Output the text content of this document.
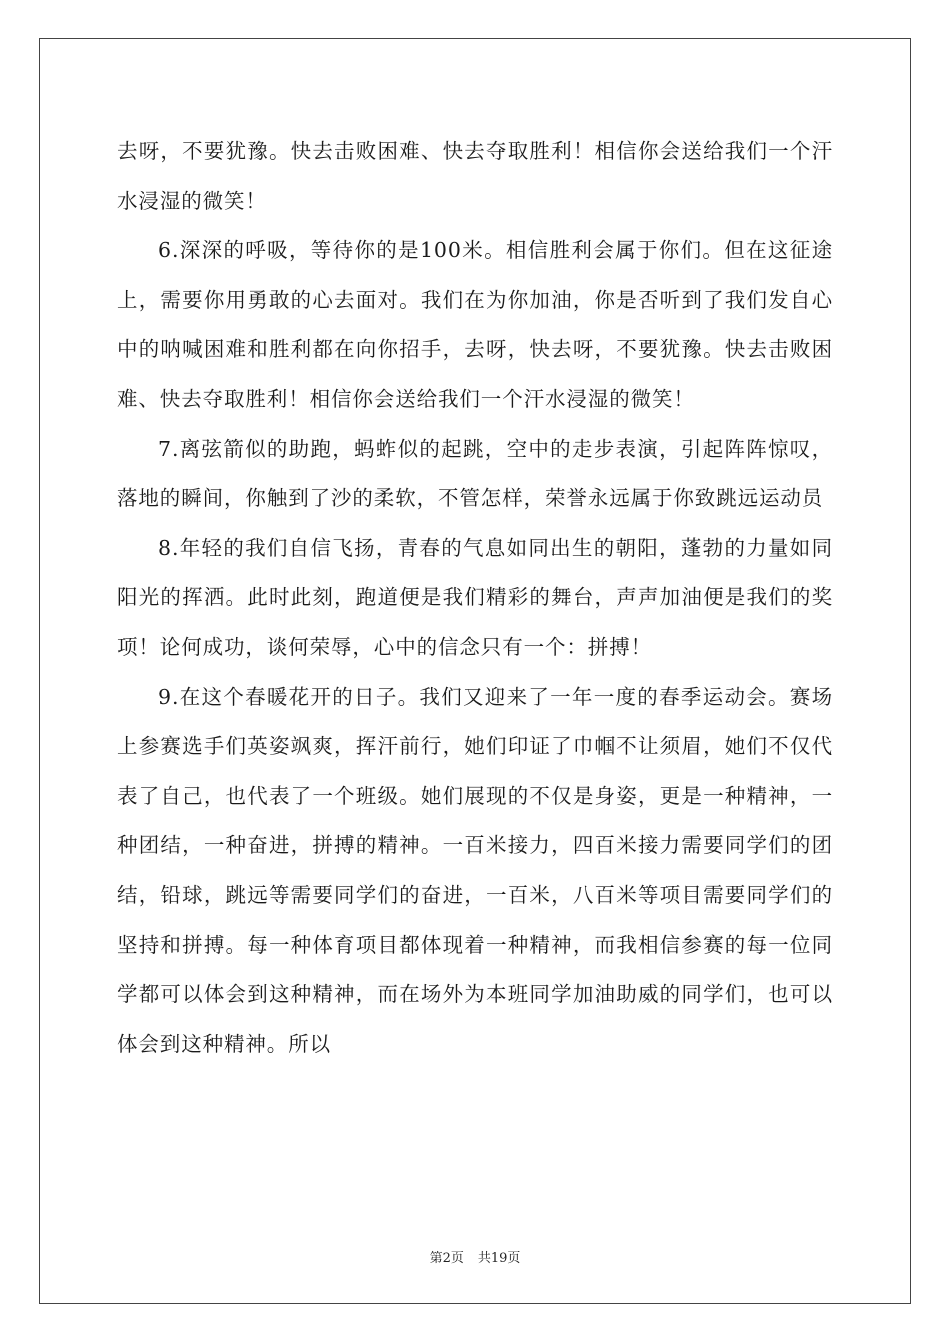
去呀，不要犹豫。快去击败困难、快去夺取胜利！相信你会送给我们一个汗水浸湿的微笑！

6.深深的呼吸，等待你的是100米。相信胜利会属于你们。但在这征途上，需要你用勇敢的心去面对。我们在为你加油，你是否听到了我们发自心中的呐喊困难和胜利都在向你招手，去呀，快去呀，不要犹豫。快去击败困难、快去夺取胜利！相信你会送给我们一个汗水浸湿的微笑！

7.离弦箭似的助跑，蚂蚱似的起跳，空中的走步表演，引起阵阵惊叹，落地的瞬间，你触到了沙的柔软，不管怎样，荣誉永远属于你致跳远运动员

8.年轻的我们自信飞扬，青春的气息如同出生的朝阳，蓬勃的力量如同阳光的挥洒。此时此刻，跑道便是我们精彩的舞台，声声加油便是我们的奖项！论何成功，谈何荣辱，心中的信念只有一个：拼搏！

9.在这个春暖花开的日子。我们又迎来了一年一度的春季运动会。赛场上参赛选手们英姿飒爽，挥汗前行，她们印证了巾帼不让须眉，她们不仅代表了自己，也代表了一个班级。她们展现的不仅是身姿，更是一种精神，一种团结，一种奋进，拼搏的精神。一百米接力，四百米接力需要同学们的团结，铅球，跳远等需要同学们的奋进，一百米，八百米等项目需要同学们的坚持和拼搏。每一种体育项目都体现着一种精神，而我相信参赛的每一位同学都可以体会到这种精神，而在场外为本班同学加油助威的同学们，也可以体会到这种精神。所以

第2页 共19页
